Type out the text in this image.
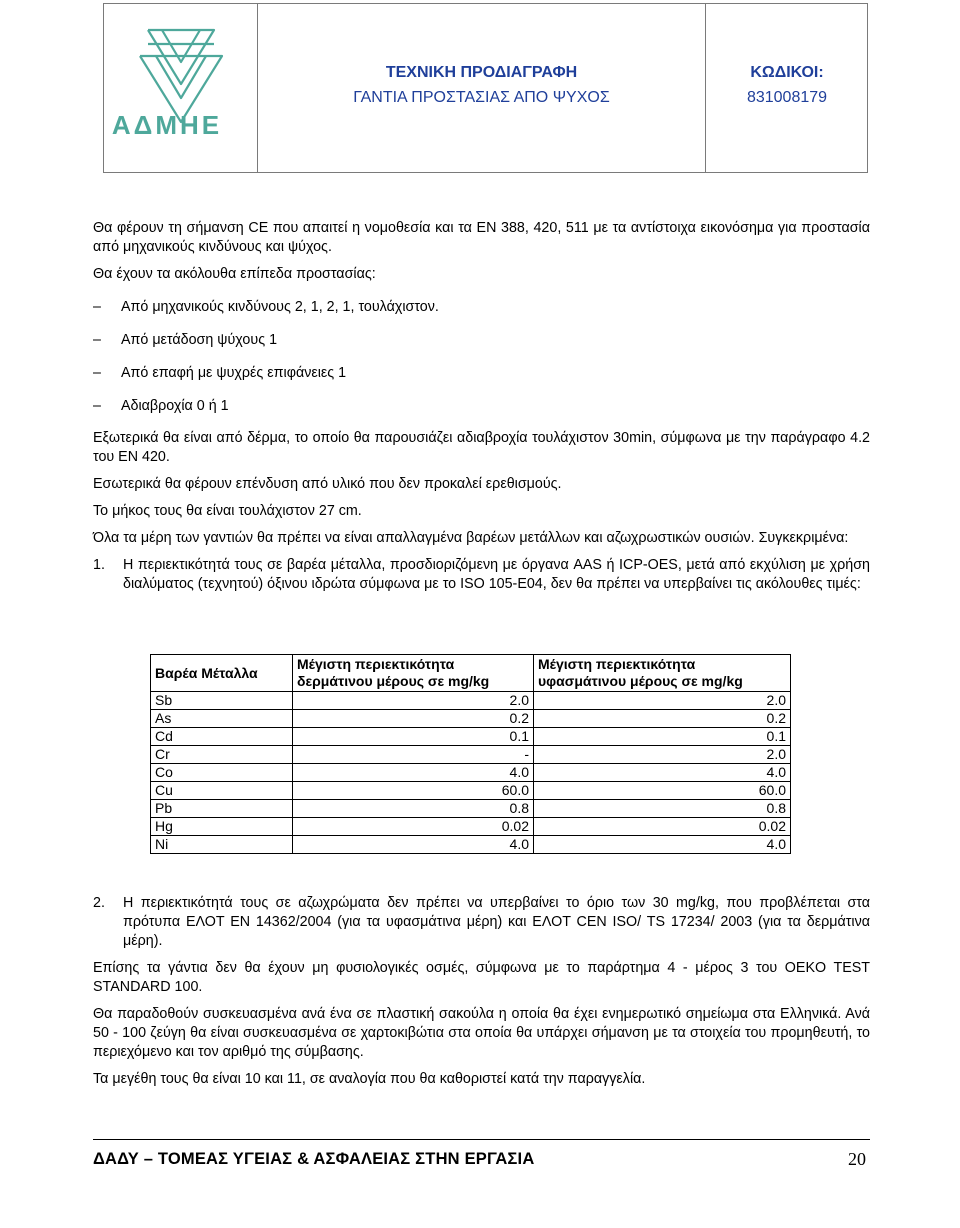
ΑΔΜΗΕ
ΤΕΧΝΙΚΗ ΠΡΟΔΙΑΓΡΑΦΗ
ΓΑΝΤΙΑ ΠΡΟΣΤΑΣΙΑΣ ΑΠΟ ΨΥΧΟΣ
ΚΩΔΙΚΟΙ:
831008179

Θα φέρουν τη σήμανση CE που απαιτεί η νομοθεσία και τα ΕΝ 388, 420, 511 με τα αντίστοιχα εικονόσημα για προστασία από μηχανικούς κινδύνους και ψύχος.

Θα έχουν τα ακόλουθα επίπεδα προστασίας:

– Από μηχανικούς κινδύνους 2, 1, 2, 1, τουλάχιστον.
– Από μετάδοση ψύχους 1
– Από επαφή με ψυχρές επιφάνειες 1
– Αδιαβροχία 0 ή 1

Εξωτερικά θα είναι από δέρμα, το οποίο θα παρουσιάζει αδιαβροχία τουλάχιστον 30min, σύμφωνα με την παράγραφο 4.2 του ΕΝ 420.

Εσωτερικά θα φέρουν επένδυση από υλικό που δεν προκαλεί ερεθισμούς.

Το μήκος τους θα είναι τουλάχιστον 27 cm.

Όλα τα μέρη των γαντιών θα πρέπει να είναι απαλλαγμένα βαρέων μετάλλων και αζωχρωστικών ουσιών. Συγκεκριμένα:

1. Η περιεκτικότητά τους σε βαρέα μέταλλα, προσδιοριζόμενη με όργανα AAS ή ICP-OES, μετά από εκχύλιση με χρήση διαλύματος (τεχνητού) όξινου ιδρώτα σύμφωνα με το ISO 105-E04, δεν θα πρέπει να υπερβαίνει τις ακόλουθες τιμές:
Βαρέα Μέταλλα	Μέγιστη περιεκτικότητα δερμάτινου μέρους σε mg/kg	Μέγιστη περιεκτικότητα υφασμάτινου μέρους σε mg/kg
Sb	2.0	2.0
As	0.2	0.2
Cd	0.1	0.1
Cr	-	2.0
Co	4.0	4.0
Cu	60.0	60.0
Pb	0.8	0.8
Hg	0.02	0.02
Ni	4.0	4.0
2. Η περιεκτικότητά τους σε αζωχρώματα δεν πρέπει να υπερβαίνει το όριο των 30 mg/kg, που προβλέπεται στα πρότυπα ΕΛΟΤ ΕΝ 14362/2004 (για τα υφασμάτινα μέρη) και ΕΛΟΤ CEN ISO/ TS 17234/ 2003 (για τα δερμάτινα μέρη).

Επίσης τα γάντια δεν θα έχουν μη φυσιολογικές οσμές, σύμφωνα με το παράρτημα 4 - μέρος 3 του OEKO TEST STANDARD 100.

Θα παραδοθούν συσκευασμένα ανά ένα σε πλαστική σακούλα η οποία θα έχει ενημερωτικό σημείωμα στα Ελληνικά. Ανά 50 - 100 ζεύγη θα είναι συσκευασμένα σε χαρτοκιβώτια στα οποία θα υπάρχει σήμανση με τα στοιχεία του προμηθευτή, το περιεχόμενο και τον αριθμό της σύμβασης.

Τα μεγέθη τους θα είναι 10 και 11, σε αναλογία που θα καθοριστεί κατά την παραγγελία.

ΔΑΔΥ – ΤΟΜΕΑΣ ΥΓΕΙΑΣ & ΑΣΦΑΛΕΙΑΣ ΣΤΗΝ ΕΡΓΑΣΙΑ	20
